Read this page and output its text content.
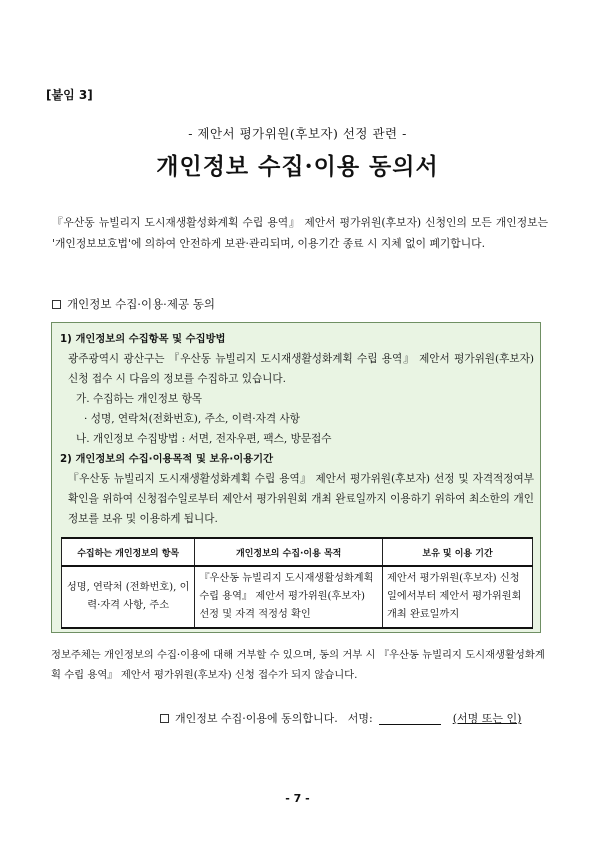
[붙임 3]
- 제안서 평가위원(후보자) 선정 관련 -
개인정보 수집·이용 동의서
『우산동 뉴빌리지 도시재생활성화계획 수립 용역』 제안서 평가위원(후보자) 신청인의 모든 개인정보는 '개인정보보호법'에 의하여 안전하게 보관·관리되며, 이용기간 종료 시 지체 없이 폐기합니다.
개인정보 수집·이용·제공 동의
1) 개인정보의 수집항목 및 수집방법
광주광역시 광산구는 『우산동 뉴빌리지 도시재생활성화계획 수립 용역』 제안서 평가위원(후보자) 신청 접수 시 다음의 정보를 수집하고 있습니다.
가. 수집하는 개인정보 항목
· 성명, 연락처(전화번호), 주소, 이력·자격 사항
나. 개인정보 수집방법 : 서면, 전자우편, 팩스, 방문접수
2) 개인정보의 수집·이용목적 및 보유·이용기간
『우산동 뉴빌리지 도시재생활성화계획 수립 용역』 제안서 평가위원(후보자) 선정 및 자격적정여부 확인을 위하여 신청접수일로부터 제안서 평가위원회 개최 완료일까지 이용하기 위하여 최소한의 개인정보를 보유 및 이용하게 됩니다.
수집하는 개인정보의 항목	개인정보의 수집·이용 목적	보유 및 이용 기간
성명, 연락처 (전화번호), 이력·자격 사항, 주소	『우산동 뉴빌리지 도시재생활성화계획 수립 용역』 제안서 평가위원(후보자) 선정 및 자격 적정성 확인	제안서 평가위원(후보자) 신청일에서부터 제안서 평가위원회 개최 완료일까지
정보주체는 개인정보의 수집·이용에 대해 거부할 수 있으며, 동의 거부 시 『우산동 뉴빌리지 도시재생활성화계획 수립 용역』 제안서 평가위원(후보자) 신청 접수가 되지 않습니다.
개인정보 수집·이용에 동의합니다. 서명:	(서명 또는 인)
- 7 -
